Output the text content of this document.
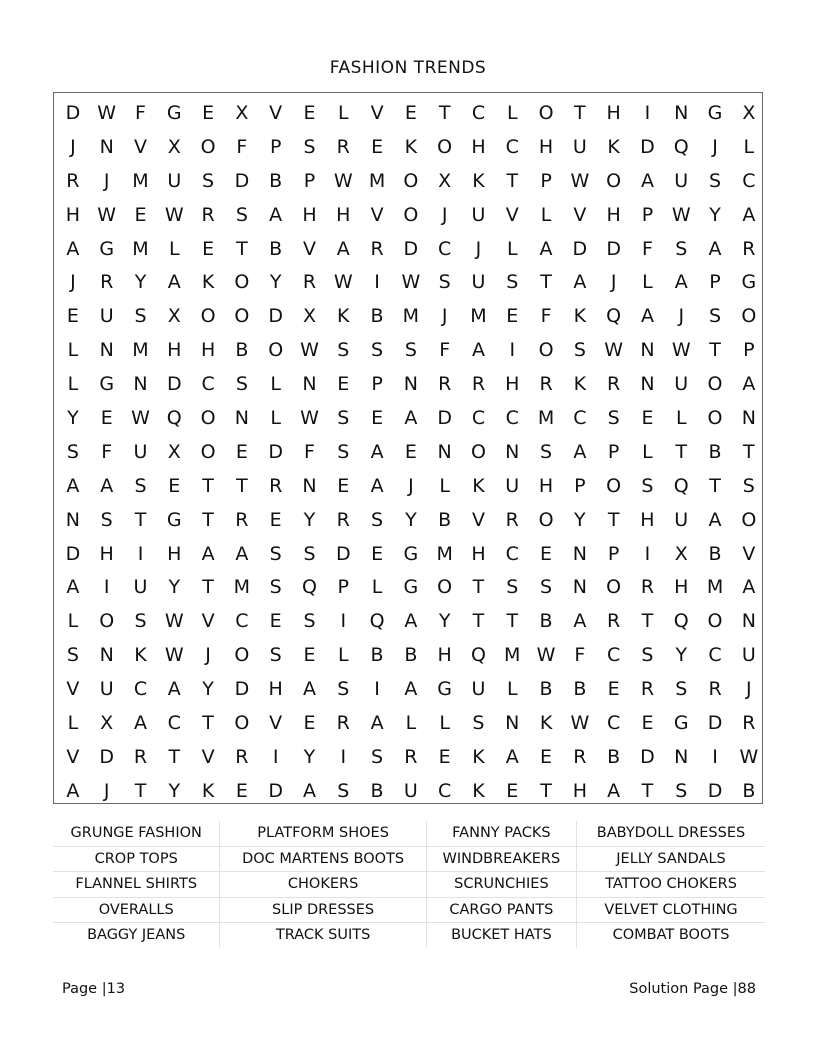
FASHION TRENDS
D W F	G	E	X	V	E	L	V	E	T	C	L	O	T	H	I	N	G	X
J	N	V	X	O	F	P	S	R	E	K	O	H	C	H	U	K	D Q	J	L
R	J	M U	S	D	B	P W M O	X	K	T	P W O	A	U	S	C
H W E W R	S	A	H	H	V	O	J	U	V	L	V	H	P W Y	A
A	G M	L	E	T	B	V	A	R	D	C	J	L	A	D	D	F	S	A	R
J	R	Y	A	K	O	Y	R W	I	W S	U	S	T	A	J	L	A	P	G
E	U	S	X	O O	D	X	K	B	M	J	M	E	F	K	Q	A	J	S	O
L	N M H	H	B	O W S	S	S	F	A	I	O	S W N W T	P
L	G	N	D	C	S	L	N	E	P	N	R	R	H	R	K	R	N	U	O	A
Y	E W Q O	N	L	W S	E	A	D	C	C M C	S	E	L	O	N
S	F	U	X	O	E	D	F	S	A	E	N	O	N	S	A	P	L	T	B	T
A	A	S	E	T	T	R	N	E	A	J	L	K	U	H	P	O	S	Q	T	S
N	S	T	G	T	R	E	Y	R	S	Y	B	V	R	O	Y	T	H	U	A	O
D	H	I	H	A	A	S	S	D	E	G M H	C	E	N	P	I	X	B	V
A	I	U	Y	T	M	S	Q	P	L	G O	T	S	S	N	O	R	H M	A
L	O	S W V	C	E	S	I	Q	A	Y	T	T	B	A	R	T	Q O	N
S	N	K W	J	O	S	E	L	B	B	H	Q M W F	C	S	Y	C	U
V	U	C	A	Y	D	H	A	S	I	A	G	U	L	B	B	E	R	S	R	J
L	X	A	C	T	O	V	E	R	A	L	L	S	N	K W C	E	G	D	R
V	D	R	T	V	R	I	Y	I	S	R	E	K	A	E	R	B	D	N	I	W
A	J	T	Y	K	E	D	A	S	B	U	C	K	E	T	H	A	T	S	D	B
GRUNGE FASHION	PLATFORM SHOES	FANNY PACKS	BABYDOLL DRESSES
CROP TOPS	DOC MARTENS BOOTS	WINDBREAKERS	JELLY SANDALS
FLANNEL SHIRTS	CHOKERS	SCRUNCHIES	TATTOO CHOKERS
OVERALLS	SLIP DRESSES	CARGO PANTS	VELVET CLOTHING
BAGGY JEANS	TRACK SUITS	BUCKET HATS	COMBAT BOOTS
Page |13	Solution Page |88
